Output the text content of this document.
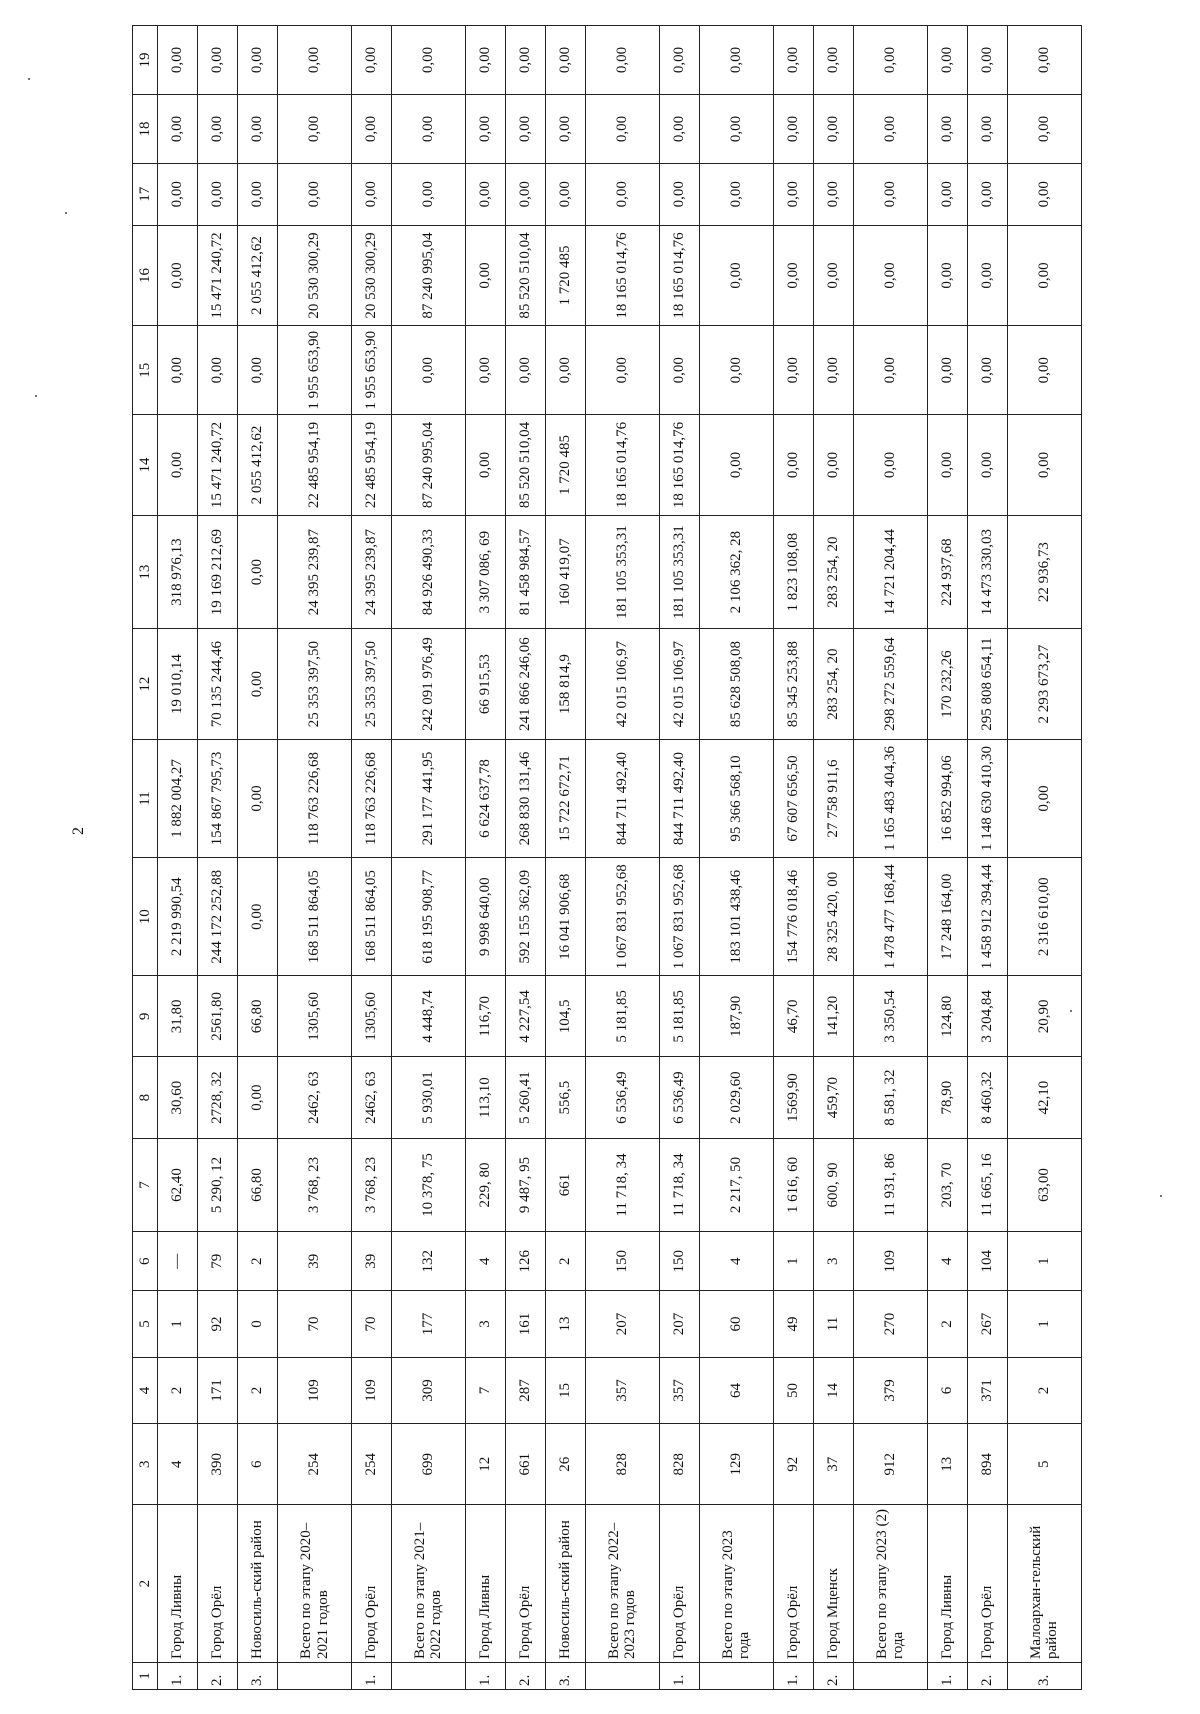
2
1	2	3	4	5	6	7	8	9	10	11	12	13	14	15	16	17	18	19
1.	Город Ливны	4	2	1	—	62,40	30,60	31,80	2 219 990,54	1 882 004,27	19 010,14	318 976,13	0,00	0,00	0,00	0,00	0,00	0,00
2.	Город Орёл	390	171	92	79	5 290, 12	2728, 32	2561,80	244 172 252,88	154 867 795,73	70 135 244,46	19 169 212,69	15 471 240,72	0,00	15 471 240,72	0,00	0,00	0,00
3.	Новосиль-ский район	6	2	0	2	66,80	0,00	66,80	0,00	0,00	0,00	0,00	2 055 412,62	0,00	2 055 412,62	0,00	0,00	0,00
	Всего по этапу 2020–2021 годов	254	109	70	39	3 768, 23	2462, 63	1305,60	168 511 864,05	118 763 226,68	25 353 397,50	24 395 239,87	22 485 954,19	1 955 653,90	20 530 300,29	0,00	0,00	0,00
1.	Город Орёл	254	109	70	39	3 768, 23	2462, 63	1305,60	168 511 864,05	118 763 226,68	25 353 397,50	24 395 239,87	22 485 954,19	1 955 653,90	20 530 300,29	0,00	0,00	0,00
	Всего по этапу 2021–2022 годов	699	309	177	132	10 378, 75	5 930,01	4 448,74	618 195 908,77	291 177 441,95	242 091 976,49	84 926 490,33	87 240 995,04	0,00	87 240 995,04	0,00	0,00	0,00
1.	Город Ливны	12	7	3	4	229, 80	113,10	116,70	9 998 640,00	6 624 637,78	66 915,53	3 307 086, 69	0,00	0,00	0,00	0,00	0,00	0,00
2.	Город Орёл	661	287	161	126	9 487, 95	5 260,41	4 227,54	592 155 362,09	268 830 131,46	241 866 246,06	81 458 984,57	85 520 510,04	0,00	85 520 510,04	0,00	0,00	0,00
3.	Новосиль-ский район	26	15	13	2	661	556,5	104,5	16 041 906,68	15 722 672,71	158 814,9	160 419,07	1 720 485	0,00	1 720 485	0,00	0,00	0,00
	Всего по этапу 2022–2023 годов	828	357	207	150	11 718, 34	6 536,49	5 181,85	1 067 831 952,68	844 711 492,40	42 015 106,97	181 105 353,31	18 165 014,76	0,00	18 165 014,76	0,00	0,00	0,00
1.	Город Орёл	828	357	207	150	11 718, 34	6 536,49	5 181,85	1 067 831 952,68	844 711 492,40	42 015 106,97	181 105 353,31	18 165 014,76	0,00	18 165 014,76	0,00	0,00	0,00
	Всего по этапу 2023 года	129	64	60	4	2 217, 50	2 029,60	187,90	183 101 438,46	95 366 568,10	85 628 508,08	2 106 362, 28	0,00	0,00	0,00	0,00	0,00	0,00
1.	Город Орёл	92	50	49	1	1 616, 60	1569,90	46,70	154 776 018,46	67 607 656,50	85 345 253,88	1 823 108,08	0,00	0,00	0,00	0,00	0,00	0,00
2.	Город Мценск	37	14	11	3	600, 90	459,70	141,20	28 325 420, 00	27 758 911,6	283 254, 20	283 254, 20	0,00	0,00	0,00	0,00	0,00	0,00
	Всего по этапу 2023 (2) года	912	379	270	109	11 931, 86	8 581, 32	3 350,54	1 478 477 168,44	1 165 483 404,36	298 272 559,64	14 721 204,44	0,00	0,00	0,00	0,00	0,00	0,00
1.	Город Ливны	13	6	2	4	203, 70	78,90	124,80	17 248 164,00	16 852 994,06	170 232,26	224 937,68	0,00	0,00	0,00	0,00	0,00	0,00
2.	Город Орёл	894	371	267	104	11 665, 16	8 460,32	3 204,84	1 458 912 394,44	1 148 630 410,30	295 808 654,11	14 473 330,03	0,00	0,00	0,00	0,00	0,00	0,00
3.	Малоархан-гельский район	5	2	1	1	63,00	42,10	20,90	2 316 610,00	0,00	2 293 673,27	22 936,73	0,00	0,00	0,00	0,00	0,00	0,00
